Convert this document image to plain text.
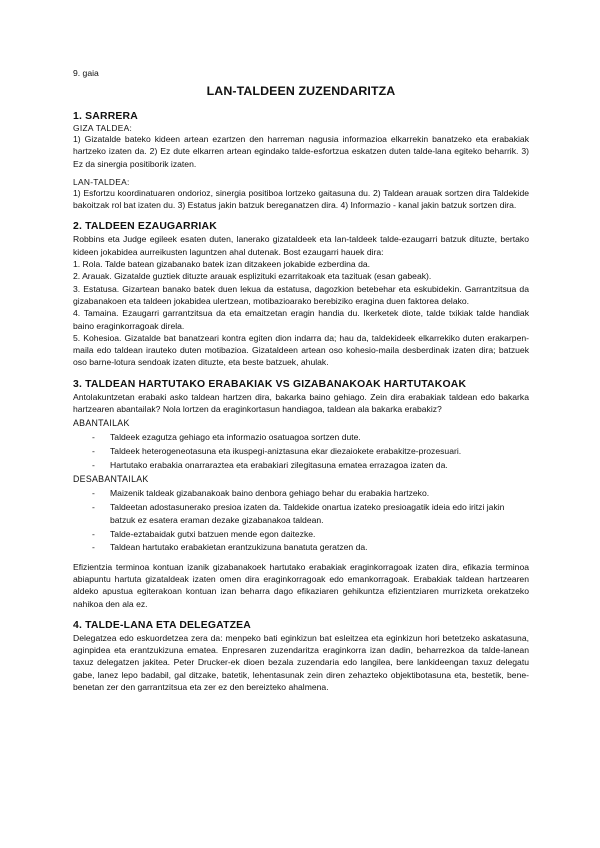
9. gaia

LAN-TALDEEN ZUZENDARITZA
1. SARRERA

GIZA TALDEA:

1) Gizatalde bateko kideen artean ezartzen den harreman nagusia informazioa elkarrekin banatzeko eta erabakiak hartzeko izaten da. 2) Ez dute elkarren artean egindako talde-esfortzua eskatzen duten talde-lana egiteko beharrik. 3) Ez da sinergia positiborik izaten.

LAN-TALDEA:

1) Esfortzu koordinatuaren ondorioz, sinergia positiboa lortzeko gaitasuna du. 2) Taldean arauak sortzen dira Taldekide bakoitzak rol bat izaten du. 3) Estatus jakin batzuk bereganatzen dira. 4) Informazio - kanal jakin batzuk sortzen dira.

2. TALDEEN EZAUGARRIAK

Robbins eta Judge egileek esaten duten, lanerako gizataldeek eta lan-taldeek talde-ezaugarri batzuk dituzte, bertako kideen jokabidea aurreikusten laguntzen ahal dutenak. Bost ezaugarri hauek dira:

1. Rola. Talde batean gizabanako batek izan ditzakeen jokabide ezberdina da.

2. Arauak. Gizatalde guztiek dituzte arauak esplizituki ezarritakoak eta tazituak (esan gabeak).

3. Estatusa. Gizartean banako batek duen lekua da estatusa, dagozkion betebehar eta eskubidekin. Garrantzitsua da gizabanakoen eta taldeen jokabidea ulertzean, motibazioarako berebiziko eragina duen faktorea delako.

4. Tamaina. Ezaugarri garrantzitsua da eta emaitzetan eragin handia du. Ikerketek diote, talde txikiak talde handiak baino eraginkorragoak direla.

5. Kohesioa. Gizatalde bat banatzeari kontra egiten dion indarra da; hau da, taldekideek elkarrekiko duten erakarpen-maila edo taldean irauteko duten motibazioa. Gizataldeen artean oso kohesio-maila desberdinak izaten dira; batzuek oso barne-lotura sendoak izaten dituzte, eta beste batzuek, ahulak.

3. TALDEAN HARTUTAKO ERABAKIAK VS GIZABANAKOAK HARTUTAKOAK

Antolakuntzetan erabaki asko taldean hartzen dira, bakarka baino gehiago. Zein dira erabakiak taldean edo bakarka hartzearen abantailak? Nola lortzen da eraginkortasun handiagoa, taldean ala bakarka erabakiz?

ABANTAILAK

- Taldeek ezagutza gehiago eta informazio osatuagoa sortzen dute.
- Taldeek heterogeneotasuna eta ikuspegi-aniztasuna ekar diezaiokete erabakitze-prozesuari.
- Hartutako erabakia onarraraztea eta erabakiari zilegitasuna ematea errazagoa izaten da.

DESABANTAILAK

- Maizenik taldeak gizabanakoak baino denbora gehiago behar du erabakia hartzeko.
- Taldeetan adostasunerako presioa izaten da. Taldekide onartua izateko presioagatik ideia edo iritzi jakin batzuk ez esatera eraman dezake gizabanakoa taldean.
- Talde-eztabaidak gutxi batzuen mende egon daitezke.
- Taldean hartutako erabakietan erantzukizuna banatuta geratzen da.

Efizientzia terminoa kontuan izanik gizabanakoek hartutako erabakiak eraginkorragoak izaten dira, efikazia terminoa abiapuntu hartuta gizataldeak izaten omen dira eraginkorragoak edo emankorragoak. Erabakiak taldean hartzearen aldeko apustua egiterakoan kontuan izan beharra dago efikaziaren gehikuntza efizientziaren murrizketa orekatzeko nahikoa den ala ez.

4. TALDE-LANA ETA DELEGATZEA

Delegatzea edo eskuordetzea zera da: menpeko bati eginkizun bat esleitzea eta eginkizun hori betetzeko askatasuna, aginpidea eta erantzukizuna ematea. Enpresaren zuzendaritza eraginkorra izan dadin, beharrezkoa da talde-lanean taxuz delegatzen jakitea. Peter Drucker-ek dioen bezala zuzendaria edo langilea, bere lankideengan taxuz delegatu gabe, lanez lepo badabil, gal ditzake, batetik, lehentasunak zein diren zehazteko objektibotasuna eta, bestetik, bene-benetan zer den garrantzitsua eta zer ez den bereizteko ahalmena.
